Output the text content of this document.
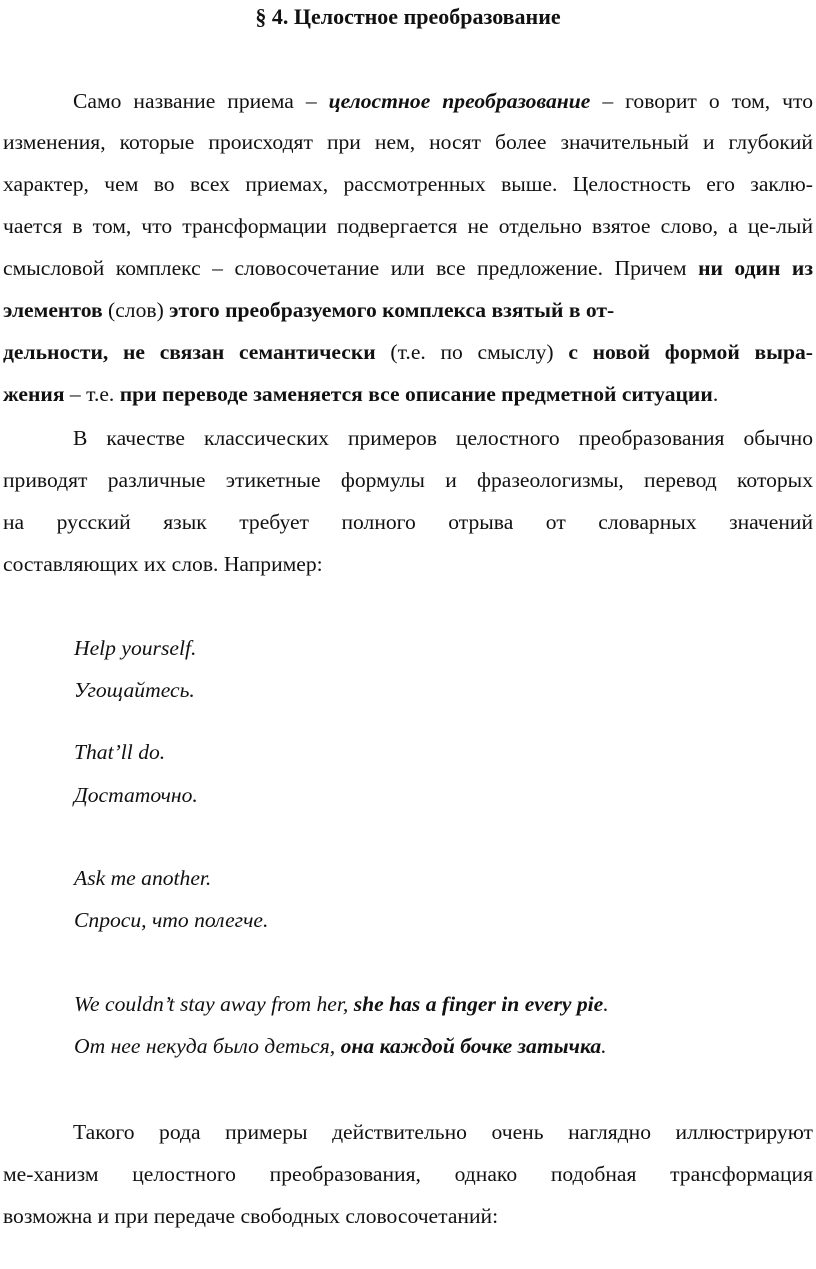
§ 4. Целостное преобразование
Само название приема – целостное преобразование – говорит о том, что
изменения, которые происходят при нем, носят более значительный и глубокий
характер, чем во всех приемах, рассмотренных выше. Целостность его заклю-
чается в том, что трансформации подвергается не отдельно взятое слово, а це-лый
смысловой комплекс – словосочетание или все предложение. Причем ни один из
элементов (слов) этого преобразуемого комплекса взятый в от-
дельности, не связан семантически (т.е. по смыслу) с новой формой выра-
жения – т.е. при переводе заменяется все описание предметной ситуации.
В качестве классических примеров целостного преобразования обычно
приводят различные этикетные формулы и фразеологизмы, перевод которых
на русский язык требует полного отрыва от словарных значений
составляющих их слов. Например:
Help yourself.
Угощайтесь.
That’ll do.
Достаточно.
Ask me another.
Спроси, что полегче.
We couldn’t stay away from her, she has a finger in every pie.
От нее некуда было деться, она каждой бочке затычка.
Такого рода примеры действительно очень наглядно иллюстрируют
ме-ханизм целостного преобразования, однако подобная трансформация
возможна и при передаче свободных словосочетаний:
